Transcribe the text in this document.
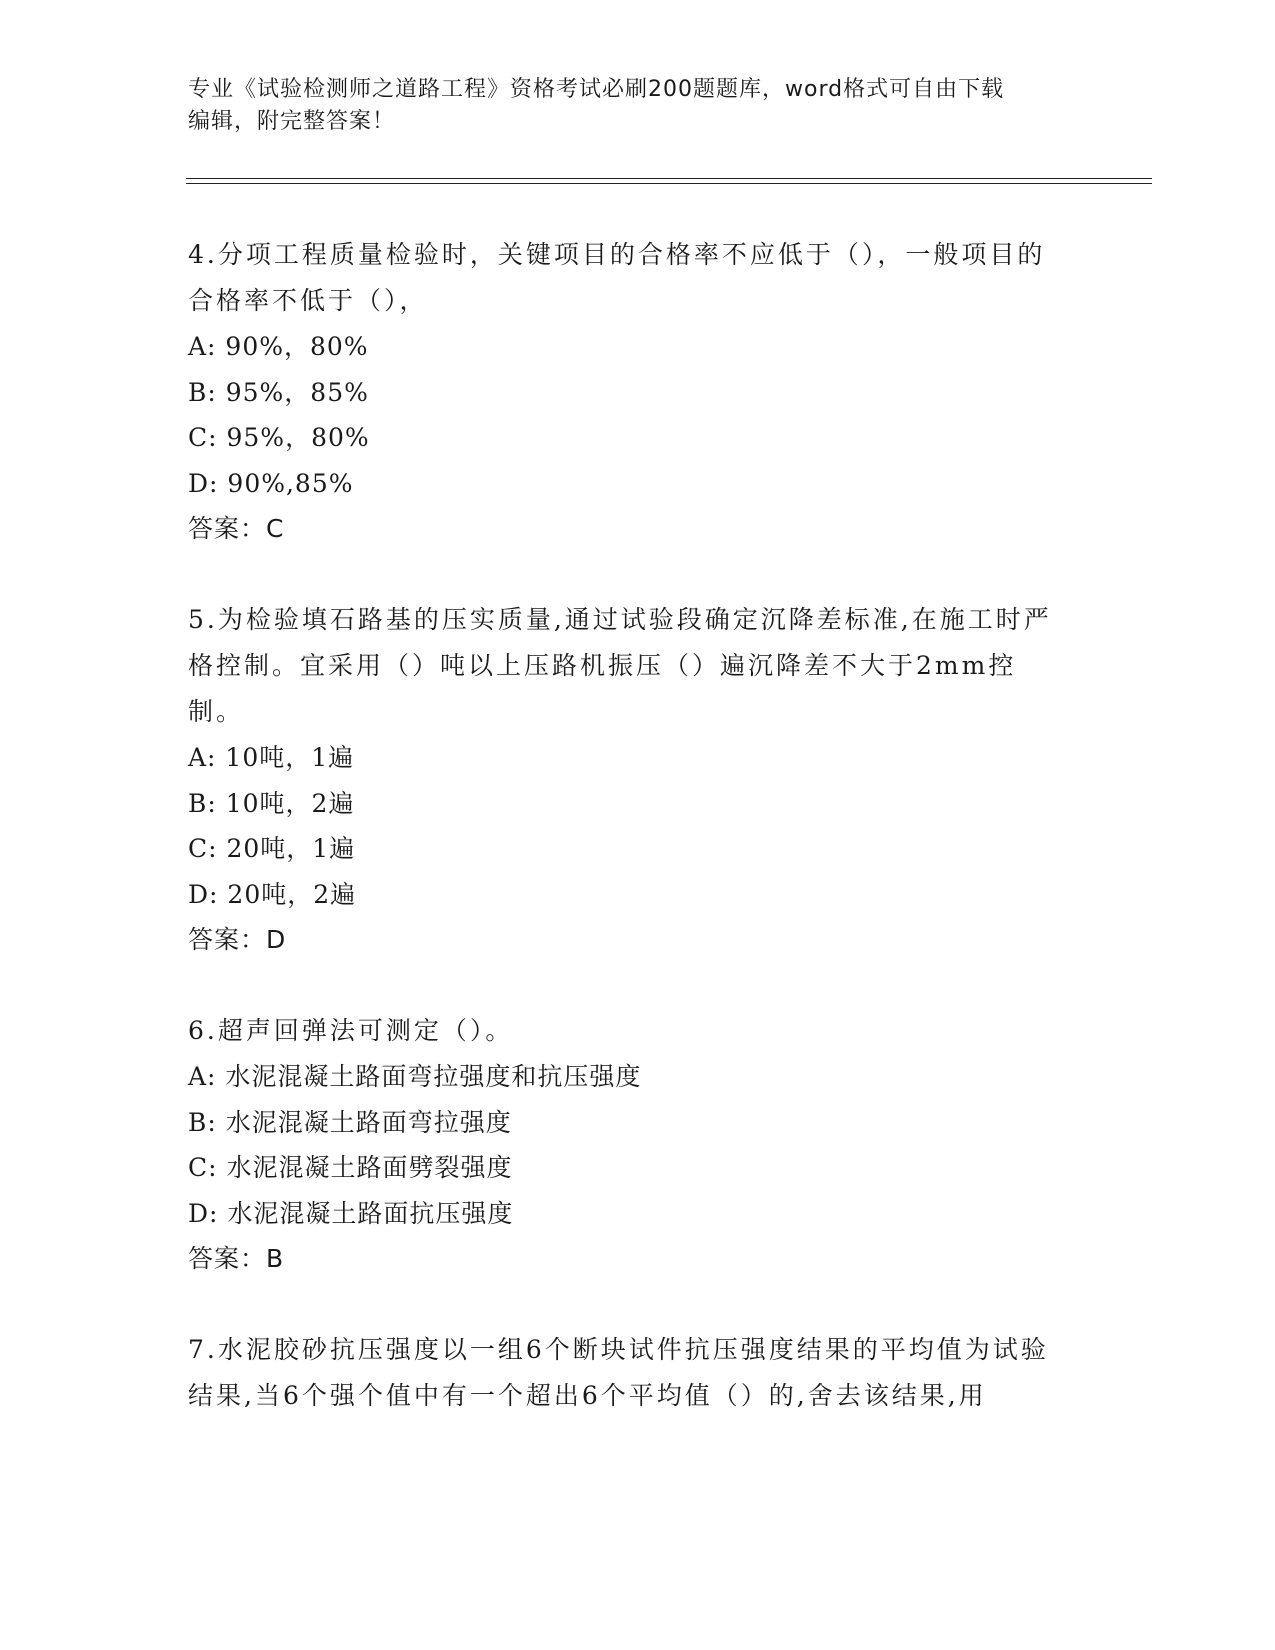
专业《试验检测师之道路工程》资格考试必刷200题题库，word格式可自由下载
编辑，附完整答案！

4.分项工程质量检验时，关键项目的合格率不应低于（），一般项目的合格率不低于（），

A: 90%，80%

B: 95%，85%

C: 95%，80%

D: 90%,85%

答案：C

5.为检验填石路基的压实质量,通过试验段确定沉降差标准,在施工时严格控制。宜采用（）吨以上压路机振压（）遍沉降差不大于2mm控制。

A: 10吨，1遍

B: 10吨，2遍

C: 20吨，1遍

D: 20吨，2遍

答案：D

6.超声回弹法可测定（）。

A: 水泥混凝土路面弯拉强度和抗压强度

B: 水泥混凝土路面弯拉强度

C: 水泥混凝土路面劈裂强度

D: 水泥混凝土路面抗压强度

答案：B

7.水泥胶砂抗压强度以一组6个断块试件抗压强度结果的平均值为试验结果,当6个强个值中有一个超出6个平均值（）的,舍去该结果,用
